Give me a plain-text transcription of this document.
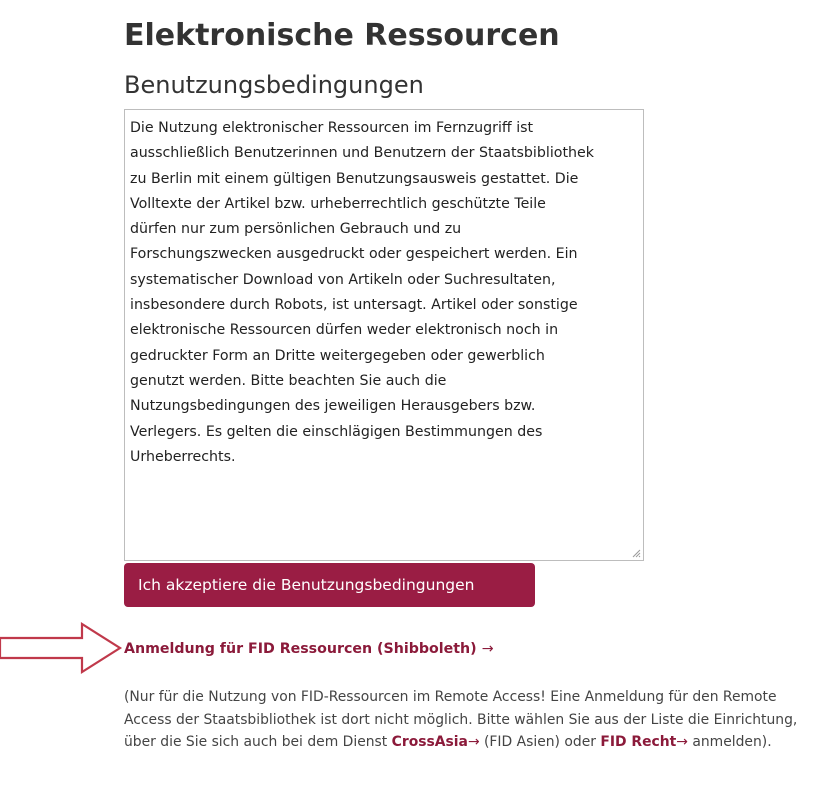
Elektronische Ressourcen
Benutzungsbedingungen

Die Nutzung elektronischer Ressourcen im Fernzugriff ist
ausschließlich Benutzerinnen und Benutzern der Staatsbibliothek
zu Berlin mit einem gültigen Benutzungsausweis gestattet. Die
Volltexte der Artikel bzw. urheberrechtlich geschützte Teile
dürfen nur zum persönlichen Gebrauch und zu
Forschungszwecken ausgedruckt oder gespeichert werden. Ein
systematischer Download von Artikeln oder Suchresultaten,
insbesondere durch Robots, ist untersagt. Artikel oder sonstige
elektronische Ressourcen dürfen weder elektronisch noch in
gedruckter Form an Dritte weitergegeben oder gewerblich
genutzt werden. Bitte beachten Sie auch die
Nutzungsbedingungen des jeweiligen Herausgebers bzw.
Verlegers. Es gelten die einschlägigen Bestimmungen des
Urheberrechts.

Ich akzeptiere die Benutzungsbedingungen
Anmeldung für FID Ressourcen (Shibboleth) →

(Nur für die Nutzung von FID-Ressourcen im Remote Access! Eine Anmeldung für den Remote Access der Staatsbibliothek ist dort nicht möglich. Bitte wählen Sie aus der Liste die Einrichtung, über die Sie sich auch bei dem Dienst CrossAsia→ (FID Asien) oder FID Recht→ anmelden).
